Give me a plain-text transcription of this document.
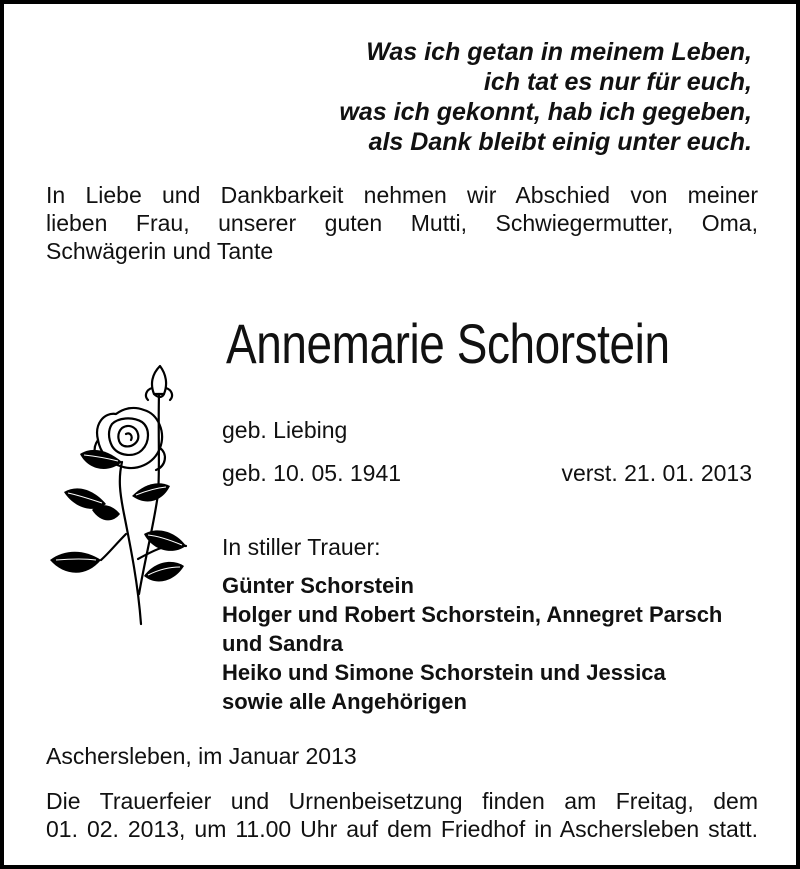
Was ich getan in meinem Leben,
ich tat es nur für euch,
was ich gekonnt, hab ich gegeben,
als Dank bleibt einig unter euch.
In Liebe und Dankbarkeit nehmen wir Abschied von meiner
lieben Frau, unserer guten Mutti, Schwiegermutter, Oma,
Schwägerin und Tante
Annemarie Schorstein
geb. Liebing
geb. 10. 05. 1941	verst. 21. 01. 2013
In stiller Trauer:
Günter Schorstein
Holger und Robert Schorstein, Annegret Parsch
und Sandra
Heiko und Simone Schorstein und Jessica
sowie alle Angehörigen
Aschersleben, im Januar 2013
Die Trauerfeier und Urnenbeisetzung finden am Freitag, dem
01. 02. 2013, um 11.00 Uhr auf dem Friedhof in Aschersleben statt.
